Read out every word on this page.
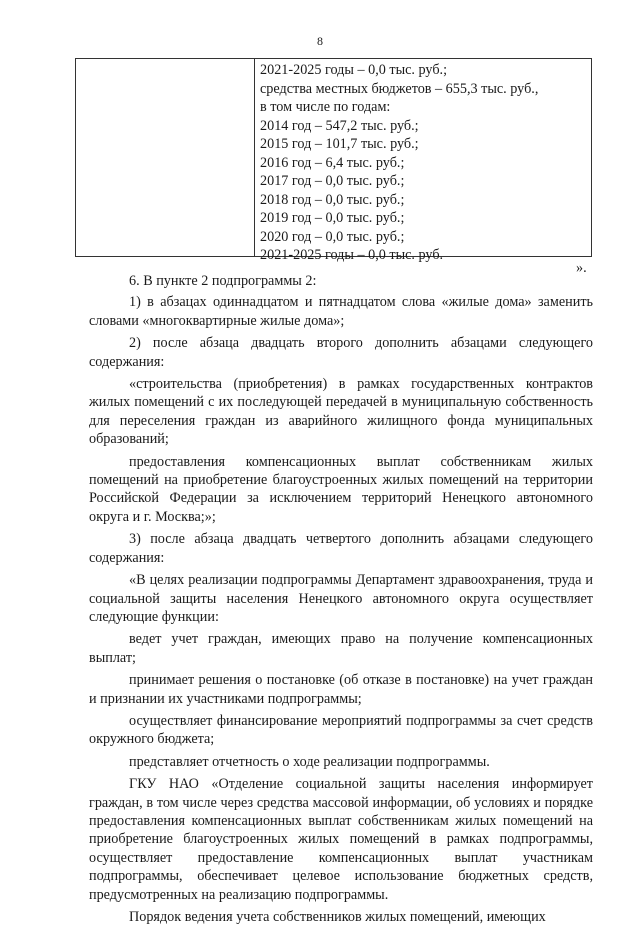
8
2021-2025 годы – 0,0 тыс. руб.;
средства местных бюджетов – 655,3 тыс. руб.,
в том числе по годам:
2014 год – 547,2 тыс. руб.;
2015 год – 101,7 тыс. руб.;
2016 год – 6,4 тыс. руб.;
2017 год – 0,0 тыс. руб.;
2018 год – 0,0 тыс. руб.;
2019 год – 0,0 тыс. руб.;
2020 год – 0,0 тыс. руб.;
2021-2025 годы – 0,0 тыс. руб.
».

6. В пункте 2 подпрограммы 2:

1) в абзацах одиннадцатом и пятнадцатом слова «жилые дома» заменить словами «многоквартирные жилые дома»;

2) после абзаца двадцать второго дополнить абзацами следующего содержания:

«строительства (приобретения) в рамках государственных контрактов жилых помещений с их последующей передачей в муниципальную собственность для переселения граждан из аварийного жилищного фонда муниципальных образований;

предоставления компенсационных выплат собственникам жилых помещений на приобретение благоустроенных жилых помещений на территории Российской Федерации за исключением территорий Ненецкого автономного округа и г. Москва;»;

3) после абзаца двадцать четвертого дополнить абзацами следующего содержания:

«В целях реализации подпрограммы Департамент здравоохранения, труда и социальной защиты населения Ненецкого автономного округа осуществляет следующие функции:

ведет учет граждан, имеющих право на получение компенсационных выплат;

принимает решения о постановке (об отказе в постановке) на учет граждан и признании их участниками подпрограммы;

осуществляет финансирование мероприятий подпрограммы за счет средств окружного бюджета;

представляет отчетность о ходе реализации подпрограммы.

ГКУ НАО «Отделение социальной защиты населения информирует граждан, в том числе через средства массовой информации, об условиях и порядке предоставления компенсационных выплат собственникам жилых помещений на приобретение благоустроенных жилых помещений в рамках подпрограммы, осуществляет предоставление компенсационных выплат участникам подпрограммы, обеспечивает целевое использование бюджетных средств, предусмотренных на реализацию подпрограммы.

Порядок ведения учета собственников жилых помещений, имеющих
